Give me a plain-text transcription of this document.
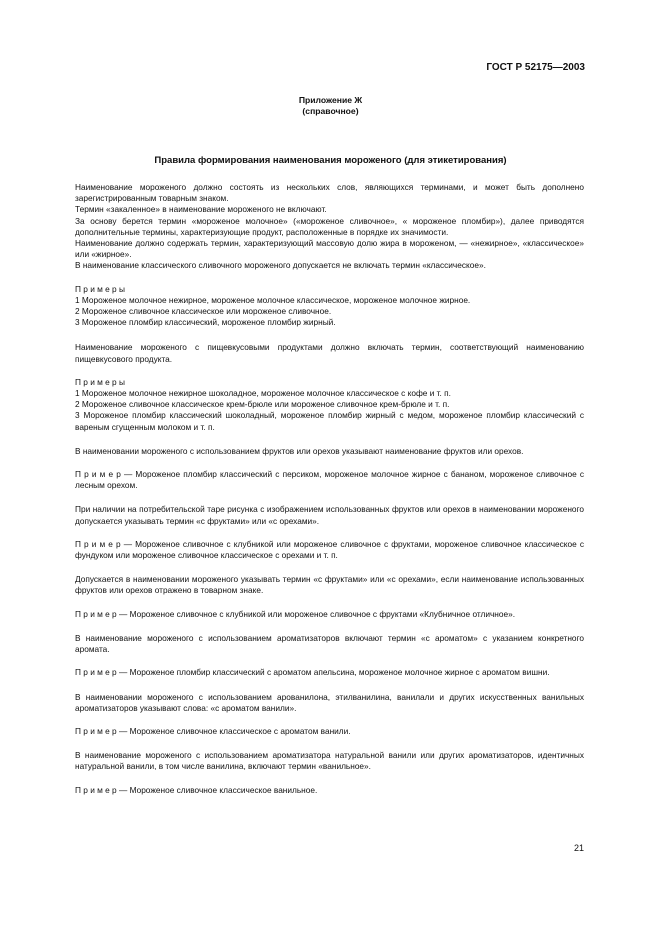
ГОСТ Р 52175—2003
Приложение Ж
(справочное)
Правила формирования наименования мороженого (для этикетирования)

Наименование мороженого должно состоять из нескольких слов, являющихся терминами, и может быть дополнено зарегистрированным товарным знаком.

Термин «закаленное» в наименование мороженого не включают.

За основу берется термин «мороженое молочное» («мороженое сливочное», « мороженое пломбир»), далее приводятся дополнительные термины, характеризующие продукт, расположенные в порядке их значимости.

Наименование должно содержать термин, характеризующий массовую долю жира в мороженом, — «нежирное», «классическое» или «жирное».

В наименование классического сливочного мороженого допускается не включать термин «классическое».

П р и м е р ы

1 Мороженое молочное нежирное, мороженое молочное классическое, мороженое молочное жирное.

2 Мороженое сливочное классическое или мороженое сливочное.

3 Мороженое пломбир классический, мороженое пломбир жирный.

Наименование мороженого с пищевкусовыми продуктами должно включать термин, соответствующий наименованию пищевкусового продукта.

П р и м е р ы

1 Мороженое молочное нежирное шоколадное, мороженое молочное классическое с кофе и т. п.

2 Мороженое сливочное классическое крем-брюле или мороженое сливочное крем-брюле и т. п.

3 Мороженое пломбир классический шоколадный, мороженое пломбир жирный с медом, мороженое пломбир классический с вареным сгущенным молоком и т. п.

В наименовании мороженого с использованием фруктов или орехов указывают наименование фруктов или орехов.

П р и м е р — Мороженое пломбир классический с персиком, мороженое молочное жирное с бананом, мороженое сливочное с лесным орехом.

При наличии на потребительской таре рисунка с изображением использованных фруктов или орехов в наименовании мороженого допускается указывать термин «с фруктами» или «с орехами».

П р и м е р — Мороженое сливочное с клубникой или мороженое сливочное с фруктами, мороженое сливочное классическое с фундуком или мороженое сливочное классическое с орехами и т. п.

Допускается в наименовании мороженого указывать термин «с фруктами» или «с орехами», если наименование использованных фруктов или орехов отражено в товарном знаке.

П р и м е р — Мороженое сливочное с клубникой или мороженое сливочное с фруктами «Клубничное отличное».

В наименование мороженого с использованием ароматизаторов включают термин «с ароматом» с указанием конкретного аромата.

П р и м е р — Мороженое пломбир классический с ароматом апельсина, мороженое молочное жирное с ароматом вишни.

В наименовании мороженого с использованием арованилона, этилванилина, ванилали и других искусственных ванильных ароматизаторов указывают слова: «с ароматом ванили».

П р и м е р — Мороженое сливочное классическое с ароматом ванили.

В наименование мороженого с использованием ароматизатора натуральной ванили или других ароматизаторов, идентичных натуральной ванили, в том числе ванилина, включают термин «ванильное».

П р и м е р — Мороженое сливочное классическое ванильное.

21
